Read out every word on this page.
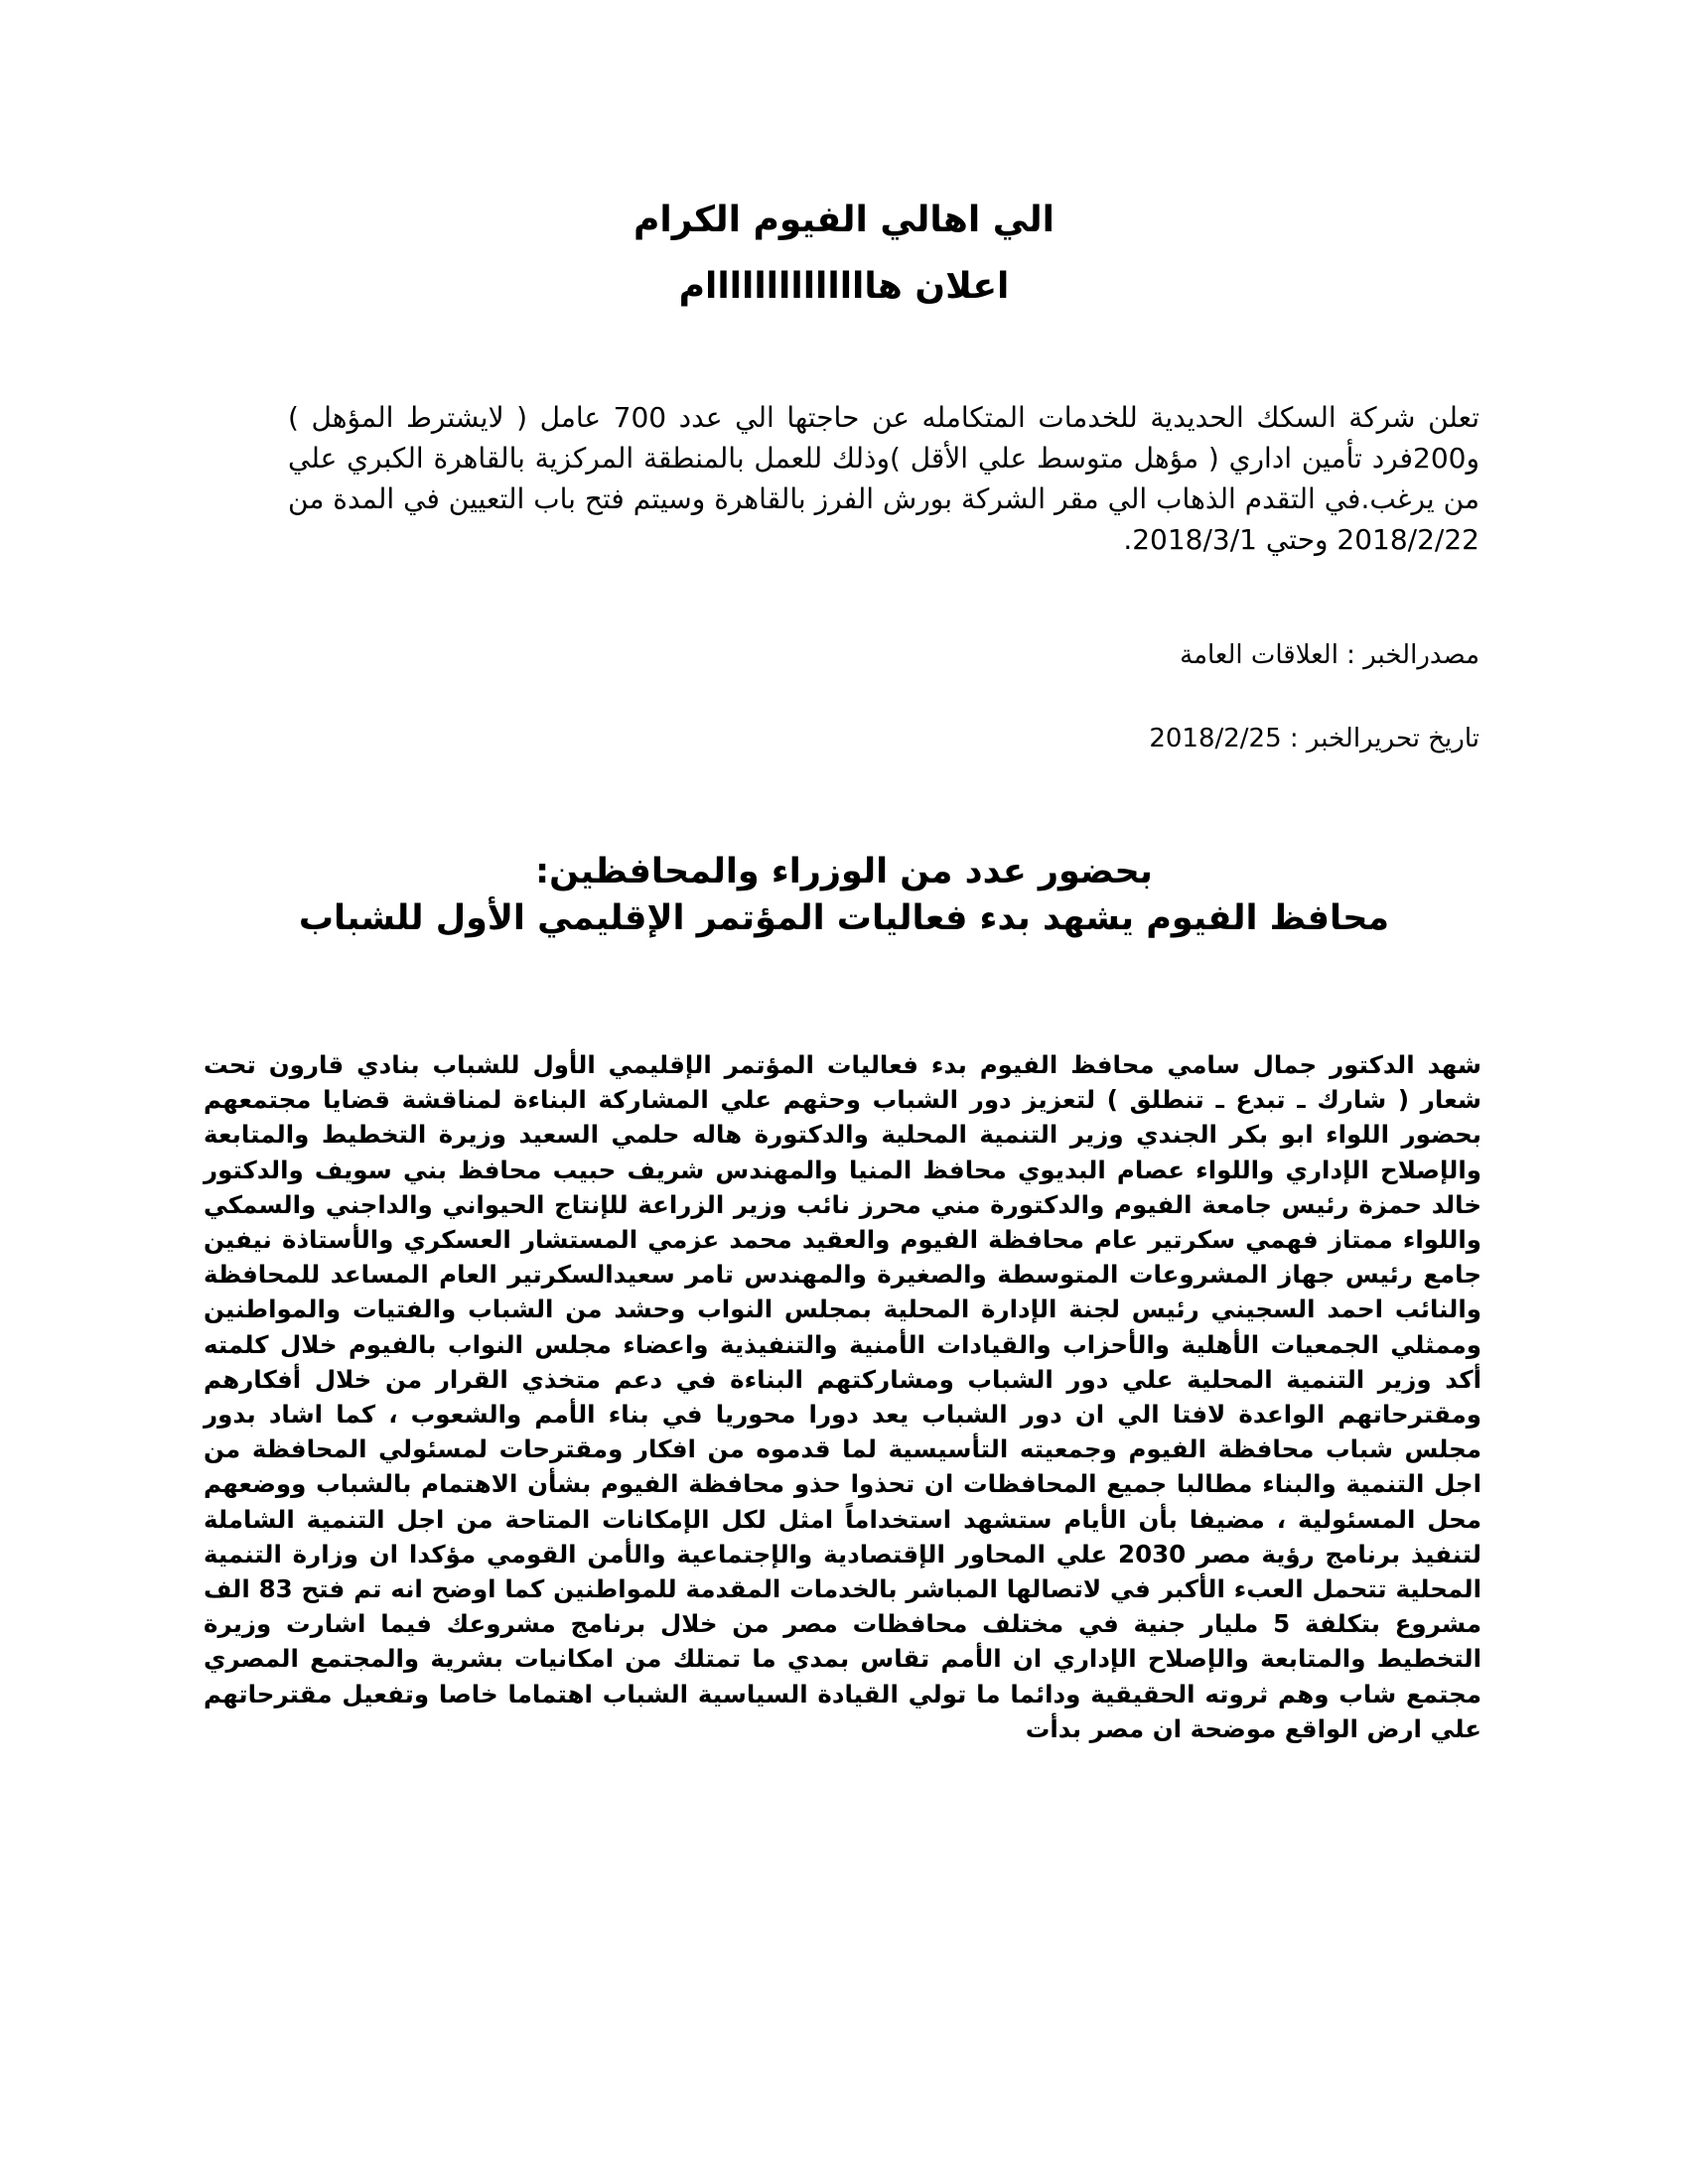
الي اهالي الفيوم الكرام
اعلان هاااااااااااااام
تعلن شركة السكك الحديدية للخدمات المتكامله عن حاجتها الي عدد 700 عامل ( لايشترط المؤهل ) و200فرد تأمين اداري ( مؤهل متوسط علي الأقل )وذلك للعمل بالمنطقة المركزية بالقاهرة الكبري علي من يرغب.في التقدم الذهاب الي مقر الشركة بورش الفرز بالقاهرة وسيتم فتح باب التعيين في المدة من 2018/2/22 وحتي 2018/3/1.
مصدرالخبر : العلاقات العامة
تاريخ تحريرالخبر : 2018/2/25
بحضور عدد من الوزراء والمحافظين:
محافظ الفيوم يشهد بدء فعاليات المؤتمر الإقليمي الأول للشباب
شهد الدكتور جمال سامي محافظ الفيوم بدء فعاليات المؤتمر الإقليمي الأول للشباب بنادي قارون تحت شعار ( شارك ـ تبدع ـ تنطلق ) لتعزيز دور الشباب وحثهم علي المشاركة البناءة لمناقشة قضايا مجتمعهم بحضور اللواء ابو بكر الجندي وزير التنمية المحلية والدكتورة هاله حلمي السعيد وزيرة التخطيط والمتابعة والإصلاح الإداري واللواء عصام البديوي محافظ المنيا والمهندس شريف حبيب محافظ بني سويف والدكتور خالد حمزة رئيس جامعة الفيوم والدكتورة مني محرز نائب وزير الزراعة للإنتاج الحيواني والداجني والسمكي واللواء ممتاز فهمي سكرتير عام محافظة الفيوم والعقيد محمد عزمي المستشار العسكري والأستاذة نيفين جامع رئيس جهاز المشروعات المتوسطة والصغيرة والمهندس تامر سعيدالسكرتير العام المساعد للمحافظة والنائب احمد السجيني رئيس لجنة الإدارة المحلية بمجلس النواب وحشد من الشباب والفتيات والمواطنين وممثلي الجمعيات الأهلية والأحزاب والقيادات الأمنية والتنفيذية واعضاء مجلس النواب بالفيوم خلال كلمته أكد وزير التنمية المحلية علي دور الشباب ومشاركتهم البناءة في دعم متخذي القرار من خلال أفكارهم ومقترحاتهم الواعدة لافتا الي ان دور الشباب يعد دورا محوريا في بناء الأمم والشعوب ، كما اشاد بدور مجلس شباب محافظة الفيوم وجمعيته التأسيسية لما قدموه من افكار ومقترحات لمسئولي المحافظة من اجل التنمية والبناء مطالبا جميع المحافظات ان تحذوا حذو محافظة الفيوم بشأن الاهتمام بالشباب ووضعهم محل المسئولية ، مضيفا بأن الأيام ستشهد استخداماً امثل لكل الإمكانات المتاحة من اجل التنمية الشاملة لتنفيذ برنامج رؤية مصر 2030 علي المحاور الإقتصادية والإجتماعية والأمن القومي مؤكدا ان وزارة التنمية المحلية تتحمل العبء الأكبر في لاتصالها المباشر بالخدمات المقدمة للمواطنين كما اوضح انه تم فتح 83 الف مشروع بتكلفة 5 مليار جنية في مختلف محافظات مصر من خلال برنامج مشروعك فيما اشارت وزيرة التخطيط والمتابعة والإصلاح الإداري ان الأمم تقاس بمدي ما تمتلك من امكانيات بشرية والمجتمع المصري مجتمع شاب وهم ثروته الحقيقية ودائما ما تولي القيادة السياسية الشباب اهتماما خاصا وتفعيل مقترحاتهم علي ارض الواقع موضحة ان مصر بدأت
